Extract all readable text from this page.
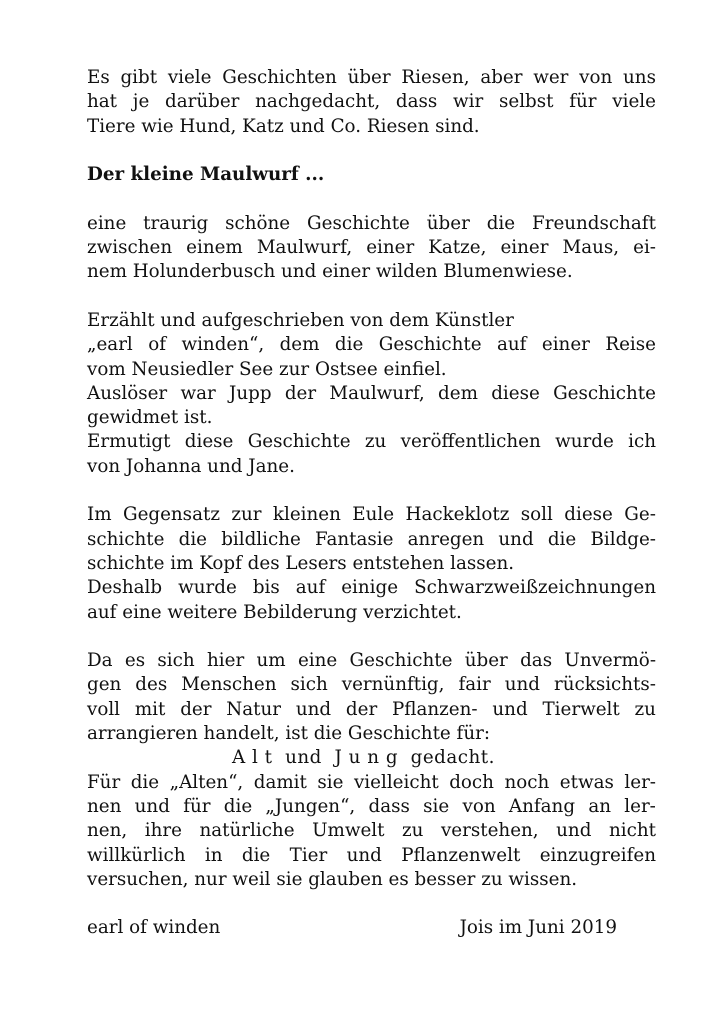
Es gibt viele Geschichten über Riesen, aber wer von uns
hat je darüber nachgedacht, dass wir selbst für viele
Tiere wie Hund, Katz und Co. Riesen sind.
Der kleine Maulwurf ...
eine traurig schöne Geschichte über die Freundschaft
zwischen einem Maulwurf, einer Katze, einer Maus, ei-
nem Holunderbusch und einer wilden Blumenwiese.
Erzählt und aufgeschrieben von dem Künstler
„earl of winden“, dem die Geschichte auf einer Reise
vom Neusiedler See zur Ostsee einfiel.
Auslöser war Jupp der Maulwurf, dem diese Geschichte
gewidmet ist.
Ermutigt diese Geschichte zu veröffentlichen wurde ich
von Johanna und Jane.
Im Gegensatz zur kleinen Eule Hackeklotz soll diese Ge-
schichte die bildliche Fantasie anregen und die Bildge-
schichte im Kopf des Lesers entstehen lassen.
Deshalb wurde bis auf einige Schwarzweißzeichnungen
auf eine weitere Bebilderung verzichtet.
Da es sich hier um eine Geschichte über das Unvermö-
gen des Menschen sich vernünftig, fair und rücksichts-
voll mit der Natur und der Pflanzen- und Tierwelt zu
arrangieren handelt, ist die Geschichte für:
A l t  und  J u n g  gedacht.
Für die „Alten“, damit sie vielleicht doch noch etwas ler-
nen und für die „Jungen“, dass sie von Anfang an ler-
nen, ihre natürliche Umwelt zu verstehen, und nicht
willkürlich in die Tier und Pflanzenwelt einzugreifen
versuchen, nur weil sie glauben es besser zu wissen.
earl of winden	Jois im Juni 2019
